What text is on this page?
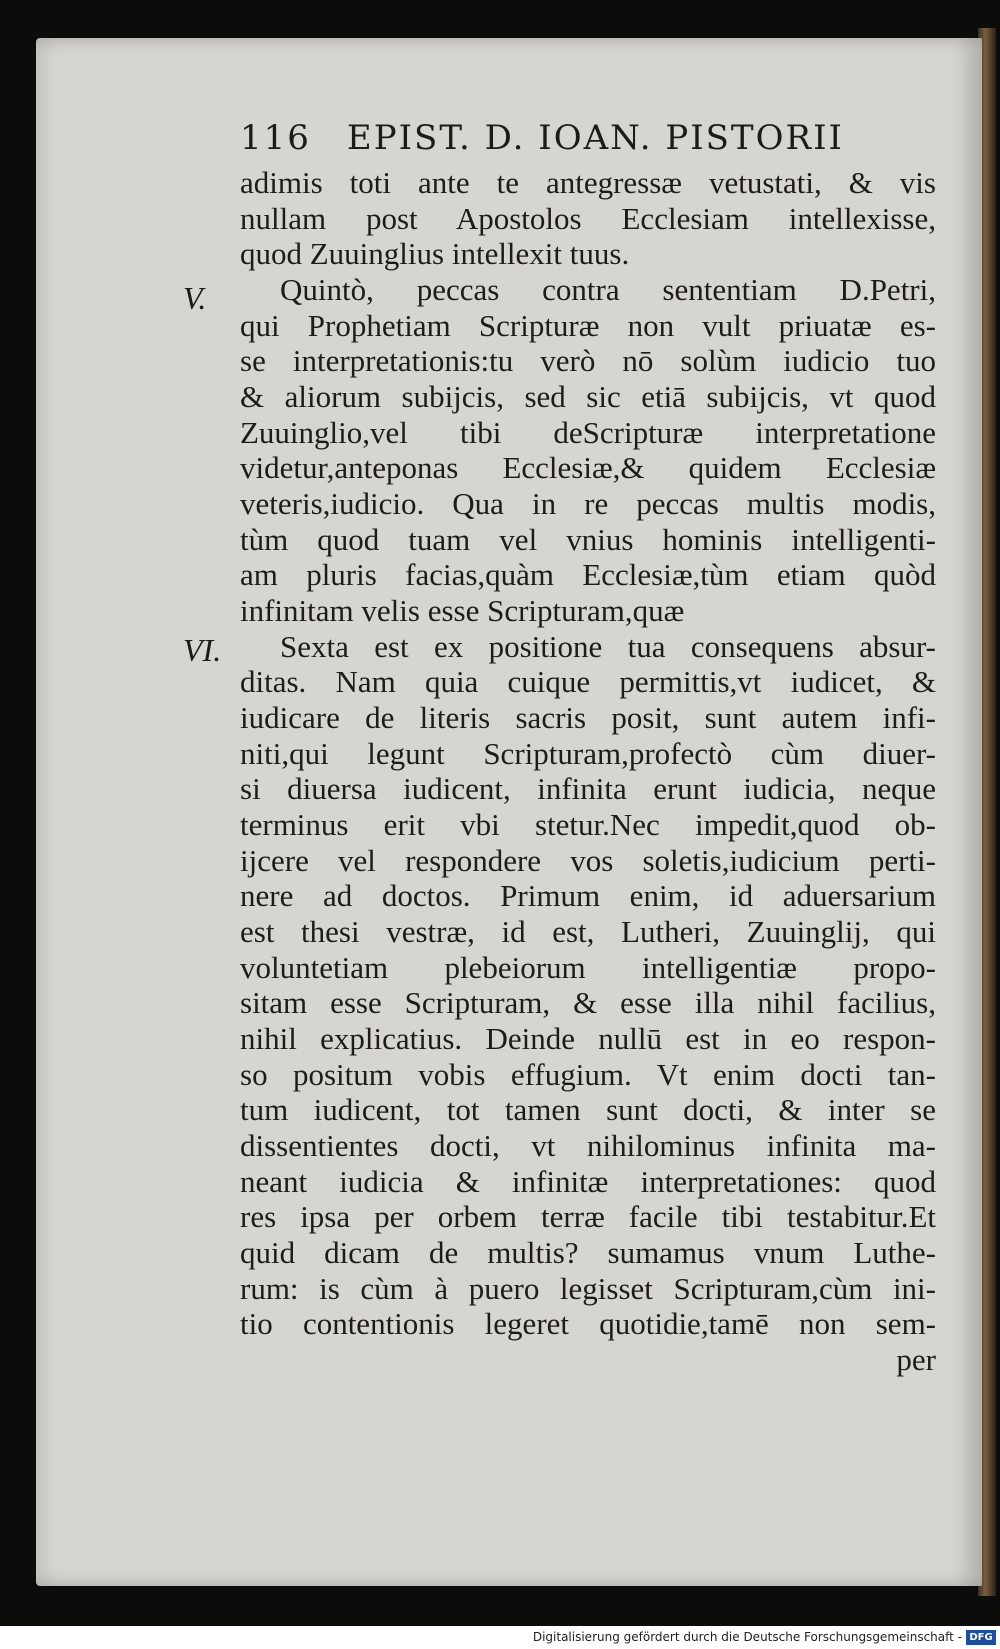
116 EPIST. D. IOAN. PISTORII
V.
VI.
adimis toti ante te antegressæ vetustati, & vis
nullam post Apostolos Ecclesiam intellexisse,
quod Zuuinglius intellexit tuus.
Quintò, peccas contra sententiam D.Petri,
qui Prophetiam Scripturæ non vult priuatæ es-
se interpretationis:tu verò nō solùm iudicio tuo
& aliorum subijcis, sed sic etiā subijcis, vt quod
Zuuinglio,vel tibi deScripturæ interpretatione
videtur,anteponas Ecclesiæ,& quidem Ecclesiæ
veteris,iudicio. Qua in re peccas multis modis,
tùm quod tuam vel vnius hominis intelligenti-
am pluris facias,quàm Ecclesiæ,tùm etiam quòd
infinitam velis esse Scripturam,quæ
Sexta est ex positione tua consequens absur-
ditas. Nam quia cuique permittis,vt iudicet, &
iudicare de literis sacris posit, sunt autem infi-
niti,qui legunt Scripturam,profectò cùm diuer-
si diuersa iudicent, infinita erunt iudicia, neque
terminus erit vbi stetur.Nec impedit,quod ob-
ijcere vel respondere vos soletis,iudicium perti-
nere ad doctos. Primum enim, id aduersarium
est thesi vestræ, id est, Lutheri, Zuuinglij, qui
voluntetiam plebeiorum intelligentiæ propo-
sitam esse Scripturam, & esse illa nihil facilius,
nihil explicatius. Deinde nullū est in eo respon-
so positum vobis effugium. Vt enim docti tan-
tum iudicent, tot tamen sunt docti, & inter se
dissentientes docti, vt nihilominus infinita ma-
neant iudicia & infinitæ interpretationes: quod
res ipsa per orbem terræ facile tibi testabitur.Et
quid dicam de multis? sumamus vnum Luthe-
rum: is cùm à puero legisset Scripturam,cùm ini-
tio contentionis legeret quotidie,tamē non sem-
per
Digitalisierung gefördert durch die Deutsche Forschungsgemeinschaft - DFG
